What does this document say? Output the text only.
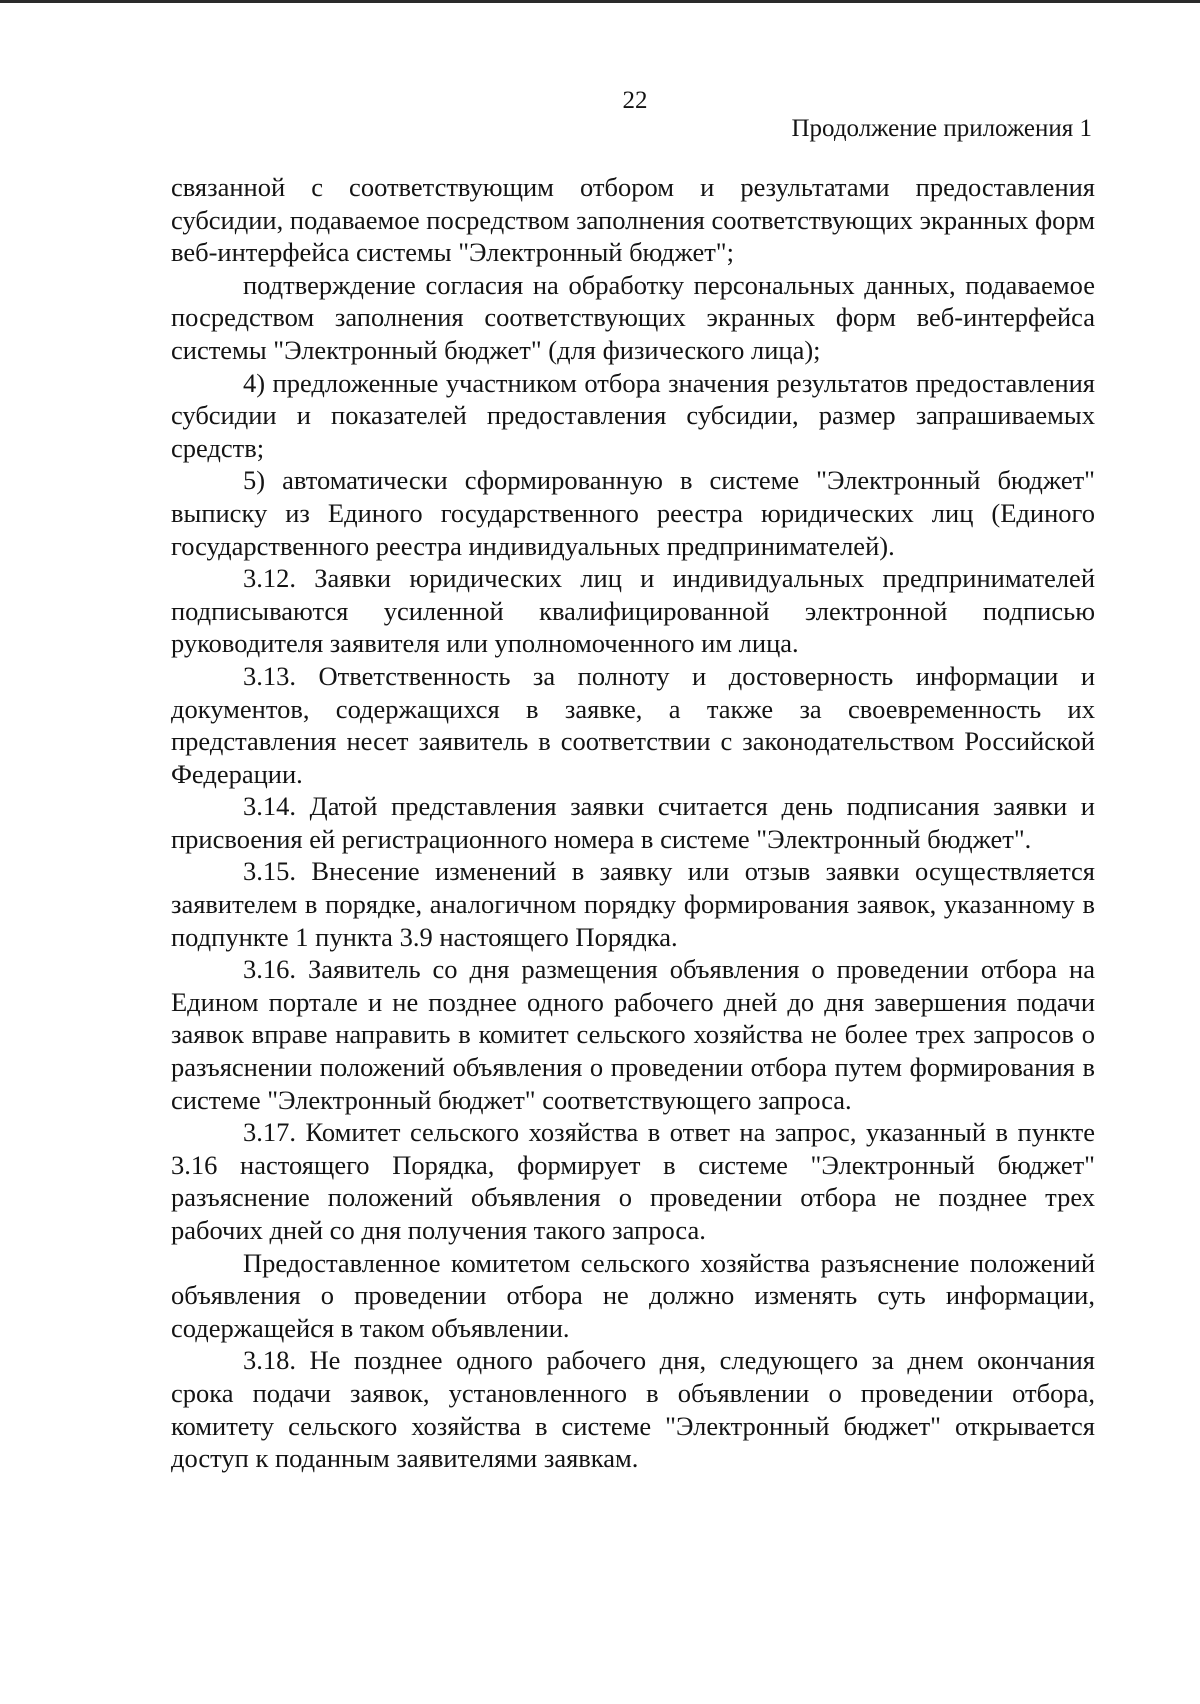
22
Продолжение приложения 1

связанной с соответствующим отбором и результатами предоставления субсидии, подаваемое посредством заполнения соответствующих экранных форм веб-интерфейса системы "Электронный бюджет";

подтверждение согласия на обработку персональных данных, подаваемое посредством заполнения соответствующих экранных форм веб-интерфейса системы "Электронный бюджет" (для физического лица);

4) предложенные участником отбора значения результатов предоставления субсидии и показателей предоставления субсидии, размер запрашиваемых средств;

5) автоматически сформированную в системе "Электронный бюджет" выписку из Единого государственного реестра юридических лиц (Единого государственного реестра индивидуальных предпринимателей).

3.12. Заявки юридических лиц и индивидуальных предпринимателей подписываются усиленной квалифицированной электронной подписью руководителя заявителя или уполномоченного им лица.

3.13. Ответственность за полноту и достоверность информации и документов, содержащихся в заявке, а также за своевременность их представления несет заявитель в соответствии с законодательством Российской Федерации.

3.14. Датой представления заявки считается день подписания заявки и присвоения ей регистрационного номера в системе "Электронный бюджет".

3.15. Внесение изменений в заявку или отзыв заявки осуществляется заявителем в порядке, аналогичном порядку формирования заявок, указанному в подпункте 1 пункта 3.9 настоящего Порядка.

3.16. Заявитель со дня размещения объявления о проведении отбора на Едином портале и не позднее одного рабочего дней до дня завершения подачи заявок вправе направить в комитет сельского хозяйства не более трех запросов о разъяснении положений объявления о проведении отбора путем формирования в системе "Электронный бюджет" соответствующего запроса.

3.17. Комитет сельского хозяйства в ответ на запрос, указанный в пункте 3.16 настоящего Порядка, формирует в системе "Электронный бюджет" разъяснение положений объявления о проведении отбора не позднее трех рабочих дней со дня получения такого запроса.

Предоставленное комитетом сельского хозяйства разъяснение положений объявления о проведении отбора не должно изменять суть информации, содержащейся в таком объявлении.

3.18. Не позднее одного рабочего дня, следующего за днем окончания срока подачи заявок, установленного в объявлении о проведении отбора, комитету сельского хозяйства в системе "Электронный бюджет" открывается доступ к поданным заявителями заявкам.
